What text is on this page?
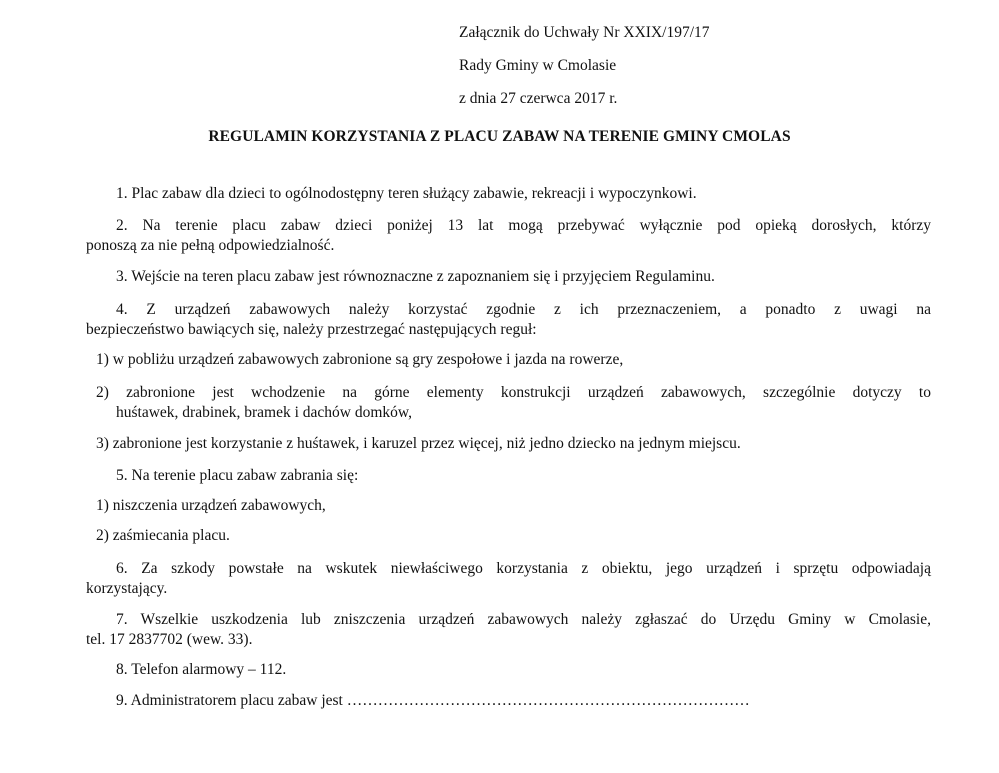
Załącznik do Uchwały Nr XXIX/197/17
Rady Gminy w Cmolasie
z dnia 27 czerwca 2017 r.
REGULAMIN KORZYSTANIA Z PLACU ZABAW NA TERENIE GMINY CMOLAS
1. Plac zabaw dla dzieci to ogólnodostępny teren służący zabawie, rekreacji i wypoczynkowi.
2. Na terenie placu zabaw dzieci poniżej 13 lat mogą przebywać wyłącznie pod opieką dorosłych, którzy
ponoszą za nie pełną odpowiedzialność.
3. Wejście na teren placu zabaw jest równoznaczne z zapoznaniem się i przyjęciem Regulaminu.
4. Z urządzeń zabawowych należy korzystać zgodnie z ich przeznaczeniem, a ponadto z uwagi na
bezpieczeństwo bawiących się, należy przestrzegać następujących reguł:
1) w pobliżu urządzeń zabawowych zabronione są gry zespołowe i jazda na rowerze,
2) zabronione jest wchodzenie na górne elementy konstrukcji urządzeń zabawowych, szczególnie dotyczy to
huśtawek, drabinek, bramek i dachów domków,
3) zabronione jest korzystanie z huśtawek, i karuzel przez więcej, niż jedno dziecko na jednym miejscu.
5. Na terenie placu zabaw zabrania się:
1) niszczenia urządzeń zabawowych,
2) zaśmiecania placu.
6. Za szkody powstałe na wskutek niewłaściwego korzystania z obiektu, jego urządzeń i sprzętu odpowiadają
korzystający.
7. Wszelkie uszkodzenia lub zniszczenia urządzeń zabawowych należy zgłaszać do Urzędu Gminy w Cmolasie,
tel. 17 2837702 (wew. 33).
8. Telefon alarmowy – 112.
9. Administratorem placu zabaw jest ……………………………………………………………………
